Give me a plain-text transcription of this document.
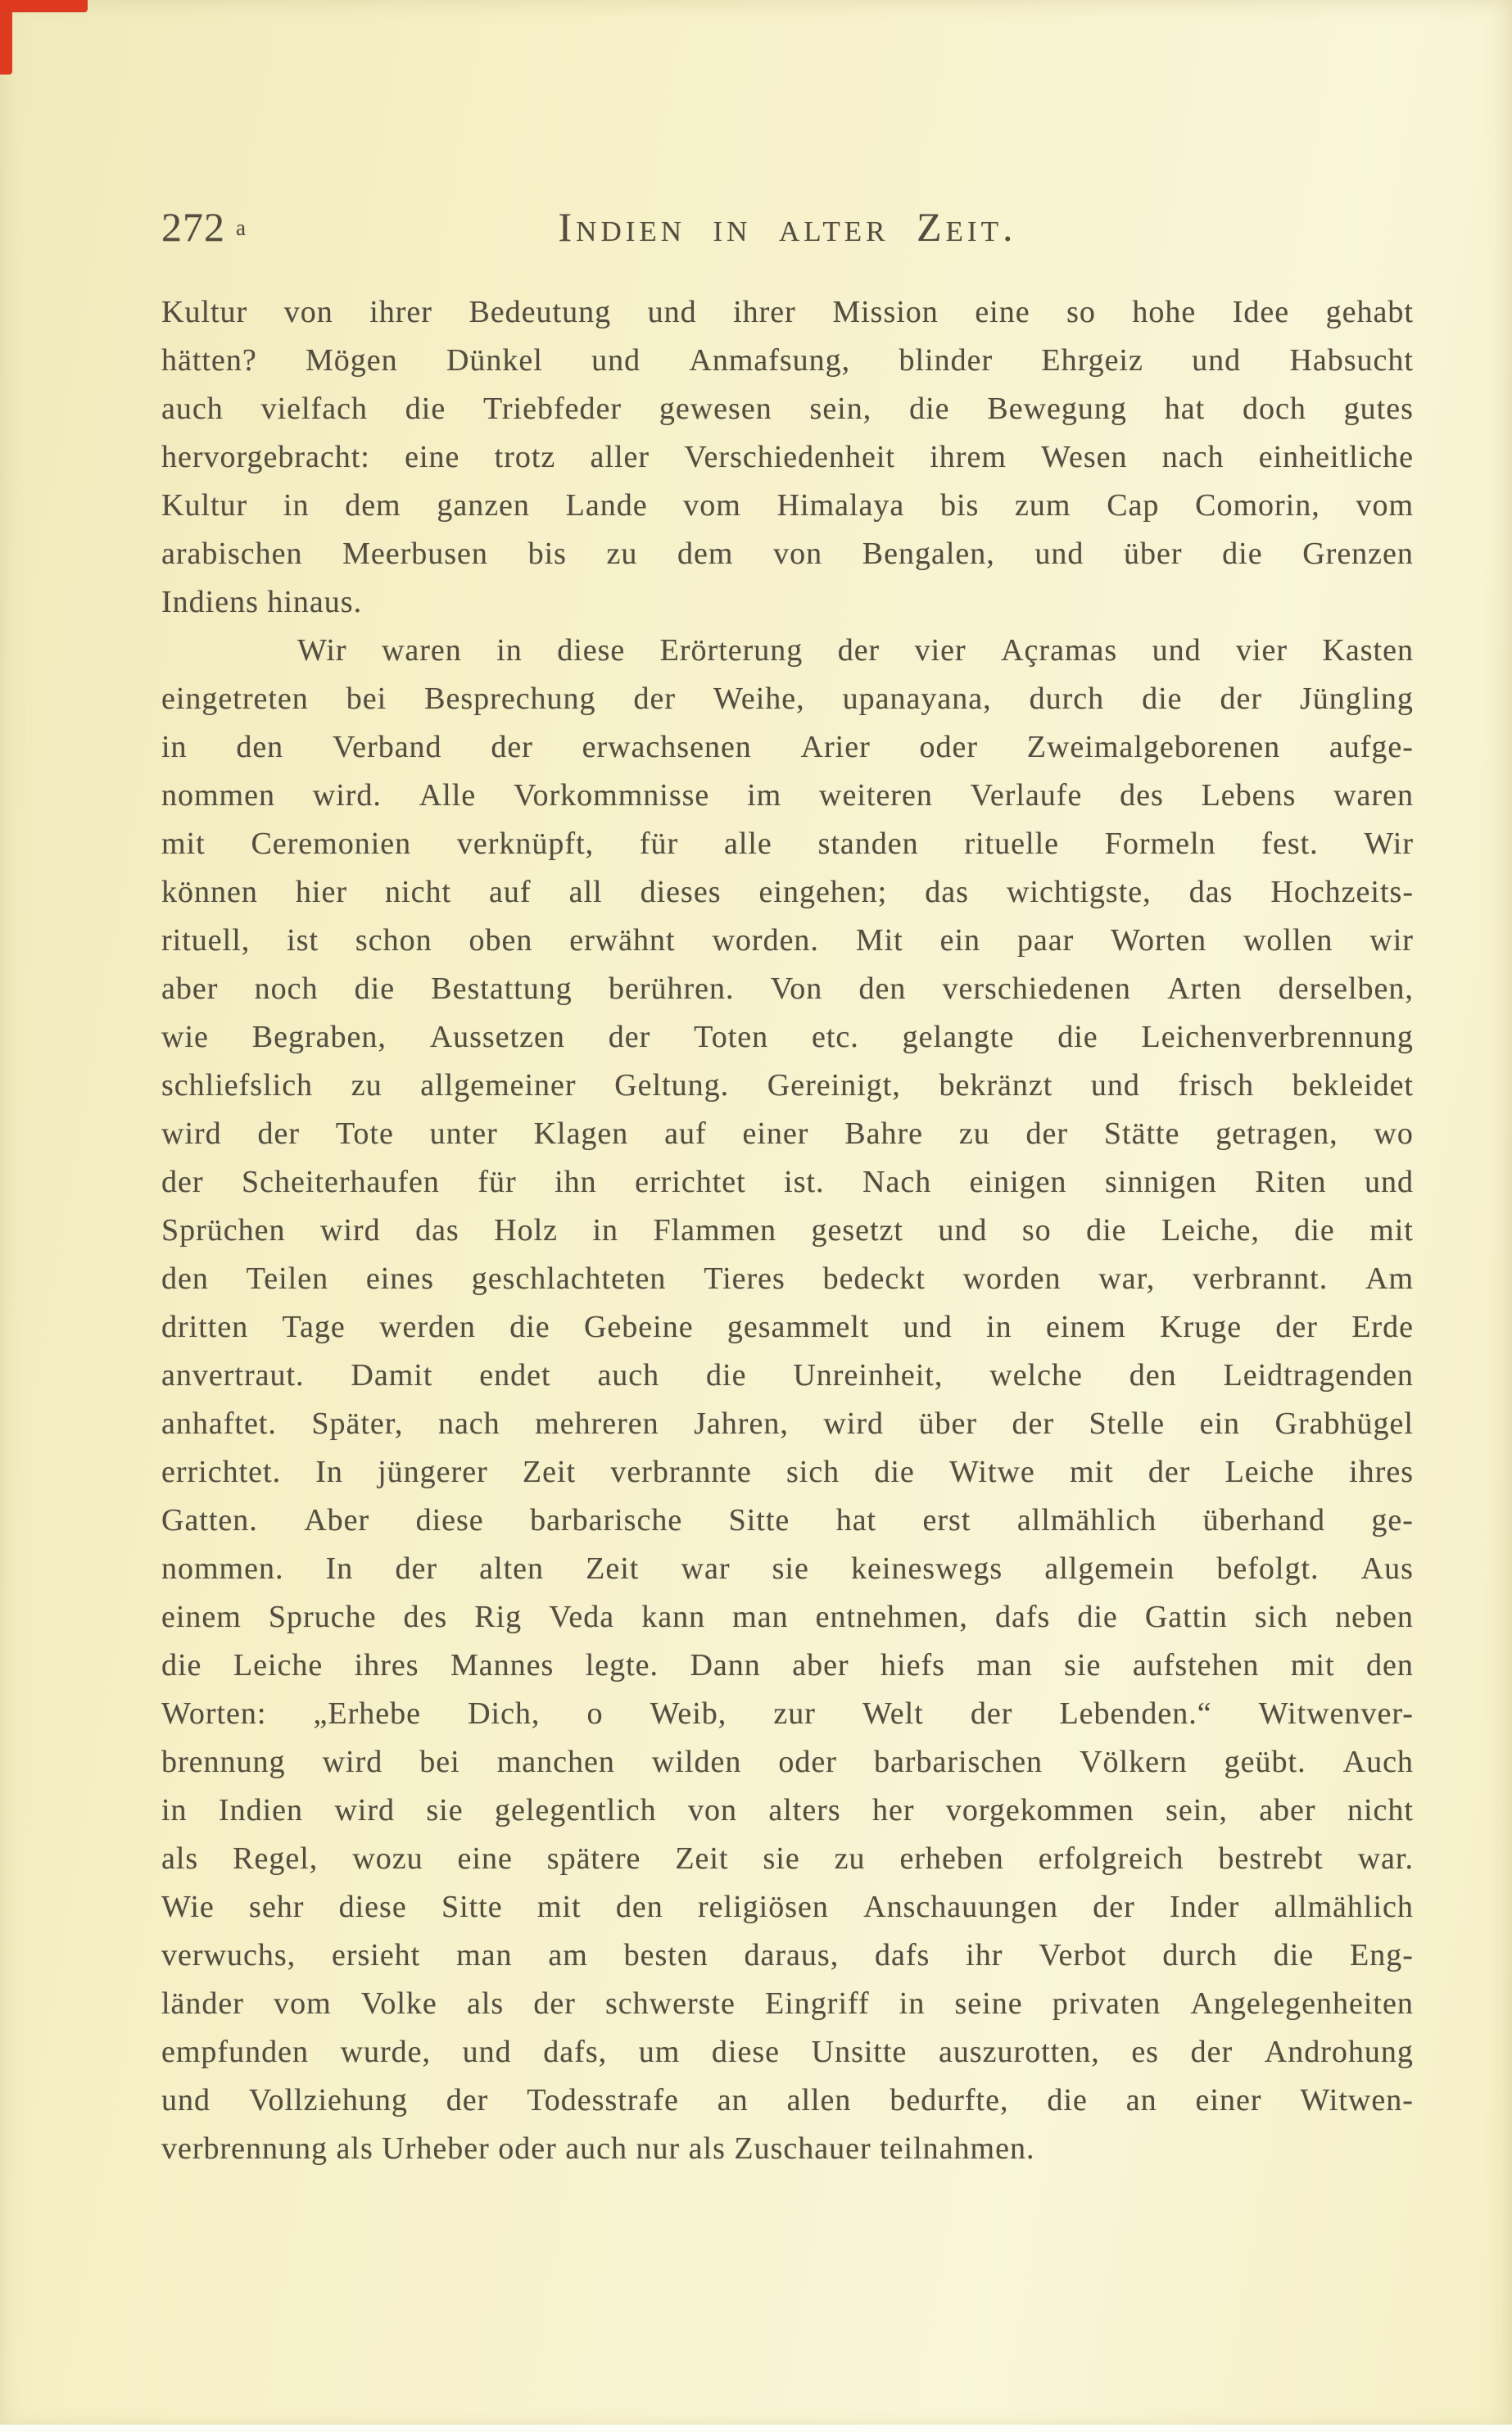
272 $^a$	Indien in alter Zeit.
Kultur von ihrer Bedeutung und ihrer Mission eine so hohe Idee gehabt
hätten? Mögen Dünkel und Anmafsung, blinder Ehrgeiz und Habsucht
auch vielfach die Triebfeder gewesen sein, die Bewegung hat doch gutes
hervorgebracht: eine trotz aller Verschiedenheit ihrem Wesen nach einheitliche
Kultur in dem ganzen Lande vom Himalaya bis zum Cap Comorin, vom
arabischen Meerbusen bis zu dem von Bengalen, und über die Grenzen
Indiens hinaus.
Wir waren in diese Erörterung der vier Açramas und vier Kasten
eingetreten bei Besprechung der Weihe, upanayana, durch die der Jüngling
in den Verband der erwachsenen Arier oder Zweimalgeborenen aufge-
nommen wird. Alle Vorkommnisse im weiteren Verlaufe des Lebens waren
mit Ceremonien verknüpft, für alle standen rituelle Formeln fest. Wir
können hier nicht auf all dieses eingehen; das wichtigste, das Hochzeits-
rituell, ist schon oben erwähnt worden. Mit ein paar Worten wollen wir
aber noch die Bestattung berühren. Von den verschiedenen Arten derselben,
wie Begraben, Aussetzen der Toten etc. gelangte die Leichenverbrennung
schliefslich zu allgemeiner Geltung. Gereinigt, bekränzt und frisch bekleidet
wird der Tote unter Klagen auf einer Bahre zu der Stätte getragen, wo
der Scheiterhaufen für ihn errichtet ist. Nach einigen sinnigen Riten und
Sprüchen wird das Holz in Flammen gesetzt und so die Leiche, die mit
den Teilen eines geschlachteten Tieres bedeckt worden war, verbrannt. Am
dritten Tage werden die Gebeine gesammelt und in einem Kruge der Erde
anvertraut. Damit endet auch die Unreinheit, welche den Leidtragenden
anhaftet. Später, nach mehreren Jahren, wird über der Stelle ein Grabhügel
errichtet. In jüngerer Zeit verbrannte sich die Witwe mit der Leiche ihres
Gatten. Aber diese barbarische Sitte hat erst allmählich überhand ge-
nommen. In der alten Zeit war sie keineswegs allgemein befolgt. Aus
einem Spruche des Rig Veda kann man entnehmen, dafs die Gattin sich neben
die Leiche ihres Mannes legte. Dann aber hiefs man sie aufstehen mit den
Worten: „Erhebe Dich, o Weib, zur Welt der Lebenden.“ Witwenver-
brennung wird bei manchen wilden oder barbarischen Völkern geübt. Auch
in Indien wird sie gelegentlich von alters her vorgekommen sein, aber nicht
als Regel, wozu eine spätere Zeit sie zu erheben erfolgreich bestrebt war.
Wie sehr diese Sitte mit den religiösen Anschauungen der Inder allmählich
verwuchs, ersieht man am besten daraus, dafs ihr Verbot durch die Eng-
länder vom Volke als der schwerste Eingriff in seine privaten Angelegenheiten
empfunden wurde, und dafs, um diese Unsitte auszurotten, es der Androhung
und Vollziehung der Todesstrafe an allen bedurfte, die an einer Witwen-
verbrennung als Urheber oder auch nur als Zuschauer teilnahmen.
